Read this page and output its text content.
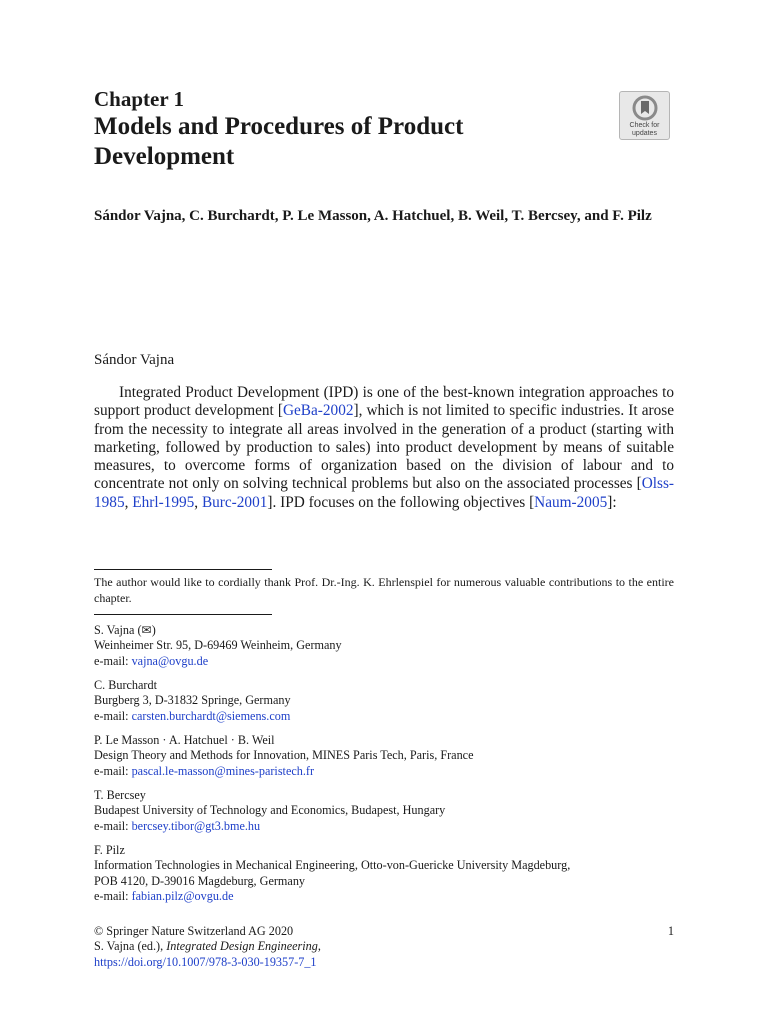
Chapter 1
Models and Procedures of Product Development
Check for
updates
Sándor Vajna, C. Burchardt, P. Le Masson, A. Hatchuel, B. Weil, T. Bercsey, and F. Pilz
Sándor Vajna

Integrated Product Development (IPD) is one of the best-known integration approaches to support product development [GeBa-2002], which is not limited to specific industries. It arose from the necessity to integrate all areas involved in the generation of a product (starting with marketing, followed by production to sales) into product development by means of suitable measures, to overcome forms of organization based on the division of labour and to concentrate not only on solving technical problems but also on the associated processes [Olss-1985, Ehrl-1995, Burc-2001]. IPD focuses on the following objectives [Naum-2005]:

The author would like to cordially thank Prof. Dr.-Ing. K. Ehrlenspiel for numerous valuable contributions to the entire chapter.
S. Vajna (✉)
Weinheimer Str. 95, D-69469 Weinheim, Germany
e-mail: vajna@ovgu.de
C. Burchardt
Burgberg 3, D-31832 Springe, Germany
e-mail: carsten.burchardt@siemens.com
P. Le Masson · A. Hatchuel · B. Weil
Design Theory and Methods for Innovation, MINES Paris Tech, Paris, France
e-mail: pascal.le-masson@mines-paristech.fr
T. Bercsey
Budapest University of Technology and Economics, Budapest, Hungary
e-mail: bercsey.tibor@gt3.bme.hu
F. Pilz
Information Technologies in Mechanical Engineering, Otto-von-Guericke University Magdeburg,
POB 4120, D-39016 Magdeburg, Germany
e-mail: fabian.pilz@ovgu.de
© Springer Nature Switzerland AG 2020
S. Vajna (ed.), Integrated Design Engineering,
https://doi.org/10.1007/978-3-030-19357-7_1
1
